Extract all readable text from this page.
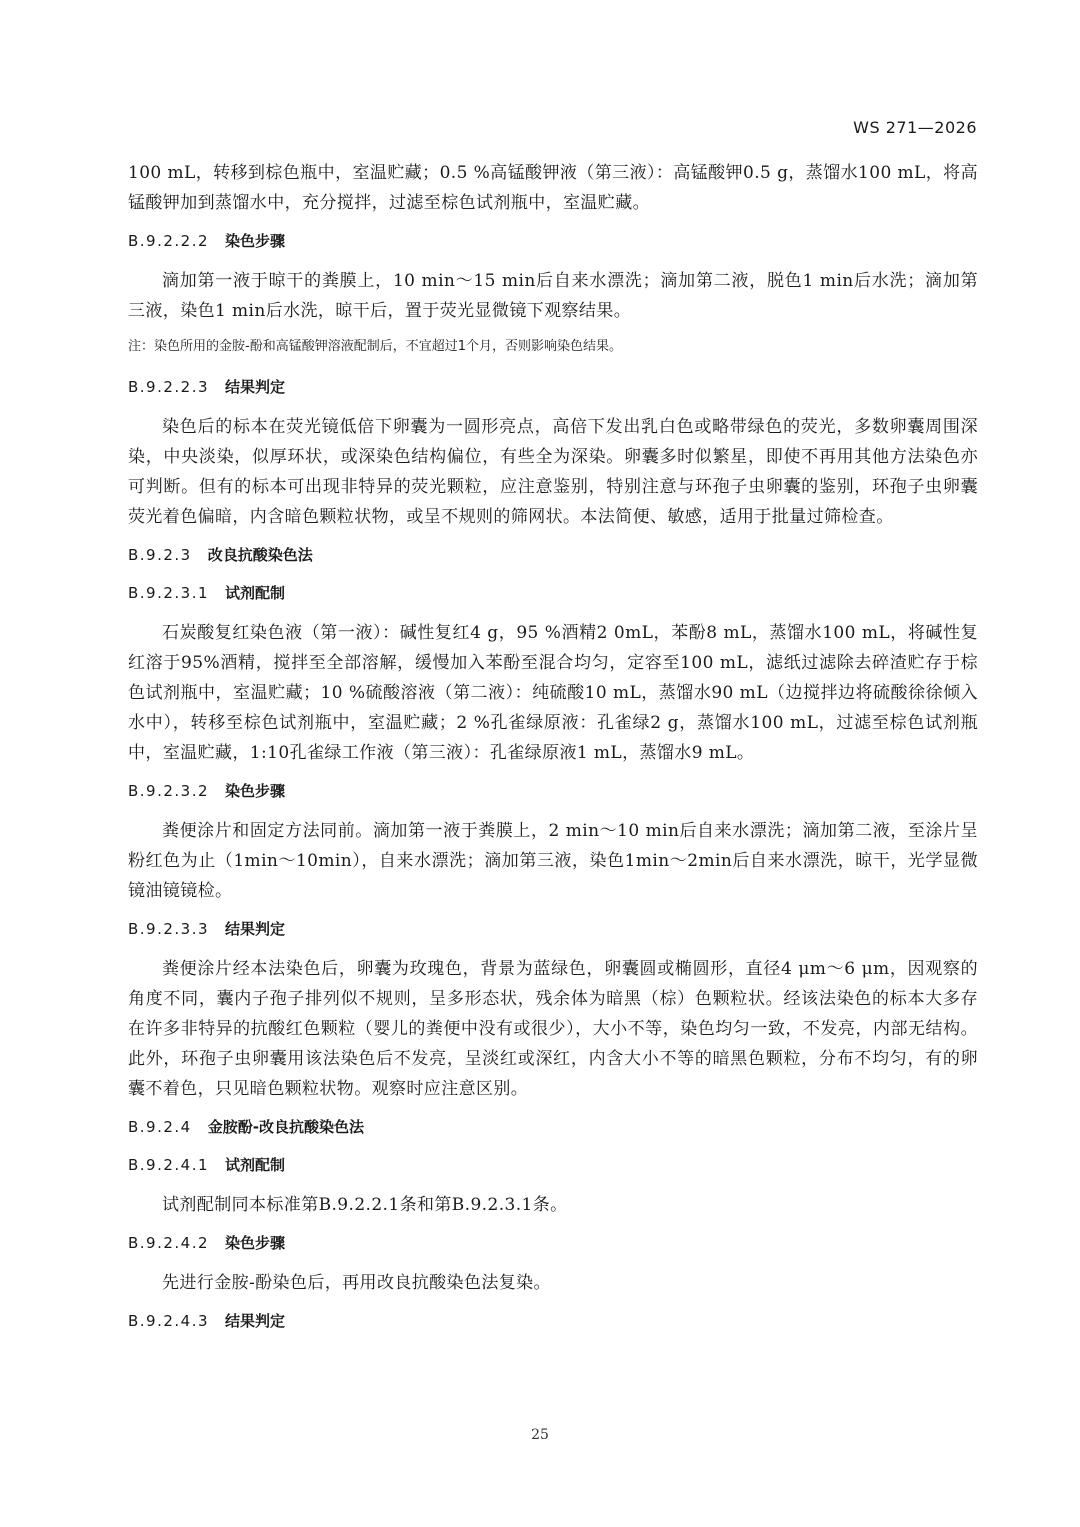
WS 271—2026

100 mL，转移到棕色瓶中，室温贮藏；0.5 %高锰酸钾液（第三液）：高锰酸钾0.5 g，蒸馏水100 mL，将高锰酸钾加到蒸馏水中，充分搅拌，过滤至棕色试剂瓶中，室温贮藏。

B.9.2.2.2 染色步骤

滴加第一液于晾干的粪膜上，10 min～15 min后自来水漂洗；滴加第二液，脱色1 min后水洗；滴加第三液，染色1 min后水洗，晾干后，置于荧光显微镜下观察结果。

注：染色所用的金胺-酚和高锰酸钾溶液配制后，不宜超过1个月，否则影响染色结果。

B.9.2.2.3 结果判定

染色后的标本在荧光镜低倍下卵囊为一圆形亮点，高倍下发出乳白色或略带绿色的荧光，多数卵囊周围深染，中央淡染，似厚环状，或深染色结构偏位，有些全为深染。卵囊多时似繁星，即使不再用其他方法染色亦可判断。但有的标本可出现非特异的荧光颗粒，应注意鉴别，特别注意与环孢子虫卵囊的鉴别，环孢子虫卵囊荧光着色偏暗，内含暗色颗粒状物，或呈不规则的筛网状。本法简便、敏感，适用于批量过筛检查。

B.9.2.3 改良抗酸染色法
B.9.2.3.1 试剂配制

石炭酸复红染色液（第一液）：碱性复红4 g，95 %酒精2 0mL，苯酚8 mL，蒸馏水100 mL，将碱性复红溶于95%酒精，搅拌至全部溶解，缓慢加入苯酚至混合均匀，定容至100 mL，滤纸过滤除去碎渣贮存于棕色试剂瓶中，室温贮藏；10 %硫酸溶液（第二液）：纯硫酸10 mL，蒸馏水90 mL（边搅拌边将硫酸徐徐倾入水中），转移至棕色试剂瓶中，室温贮藏；2 %孔雀绿原液：孔雀绿2 g，蒸馏水100 mL，过滤至棕色试剂瓶中，室温贮藏，1:10孔雀绿工作液（第三液）：孔雀绿原液1 mL，蒸馏水9 mL。

B.9.2.3.2 染色步骤

粪便涂片和固定方法同前。滴加第一液于粪膜上，2 min～10 min后自来水漂洗；滴加第二液，至涂片呈粉红色为止（1min～10min），自来水漂洗；滴加第三液，染色1min～2min后自来水漂洗，晾干，光学显微镜油镜镜检。

B.9.2.3.3 结果判定

粪便涂片经本法染色后，卵囊为玫瑰色，背景为蓝绿色，卵囊圆或椭圆形，直径4 μm～6 μm，因观察的角度不同，囊内子孢子排列似不规则，呈多形态状，残余体为暗黑（棕）色颗粒状。经该法染色的标本大多存在许多非特异的抗酸红色颗粒（婴儿的粪便中没有或很少），大小不等，染色均匀一致，不发亮，内部无结构。此外，环孢子虫卵囊用该法染色后不发亮，呈淡红或深红，内含大小不等的暗黑色颗粒，分布不均匀，有的卵囊不着色，只见暗色颗粒状物。观察时应注意区别。

B.9.2.4 金胺酚-改良抗酸染色法
B.9.2.4.1 试剂配制

试剂配制同本标准第B.9.2.2.1条和第B.9.2.3.1条。

B.9.2.4.2 染色步骤

先进行金胺-酚染色后，再用改良抗酸染色法复染。

B.9.2.4.3 结果判定
25
